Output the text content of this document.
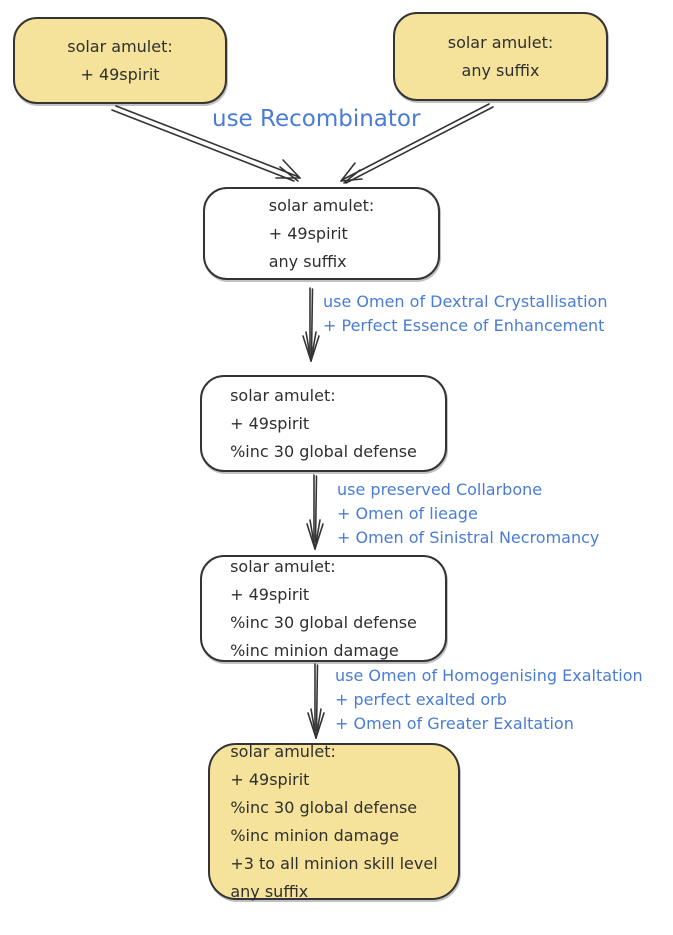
solar amulet:
+ 49spirit
solar amulet:
any suffix
use Recombinator
solar amulet:
+ 49spirit
any suffix
use Omen of Dextral Crystallisation
+ Perfect Essence of Enhancement
solar amulet:
+ 49spirit
%inc 30 global defense
use preserved Collarbone
+ Omen of lieage
+ Omen of Sinistral Necromancy
solar amulet:
+ 49spirit
%inc 30 global defense
%inc minion damage
use Omen of Homogenising Exaltation
+ perfect exalted orb
+ Omen of Greater Exaltation
solar amulet:
+ 49spirit
%inc 30 global defense
%inc minion damage
+3 to all minion skill level
any suffix
